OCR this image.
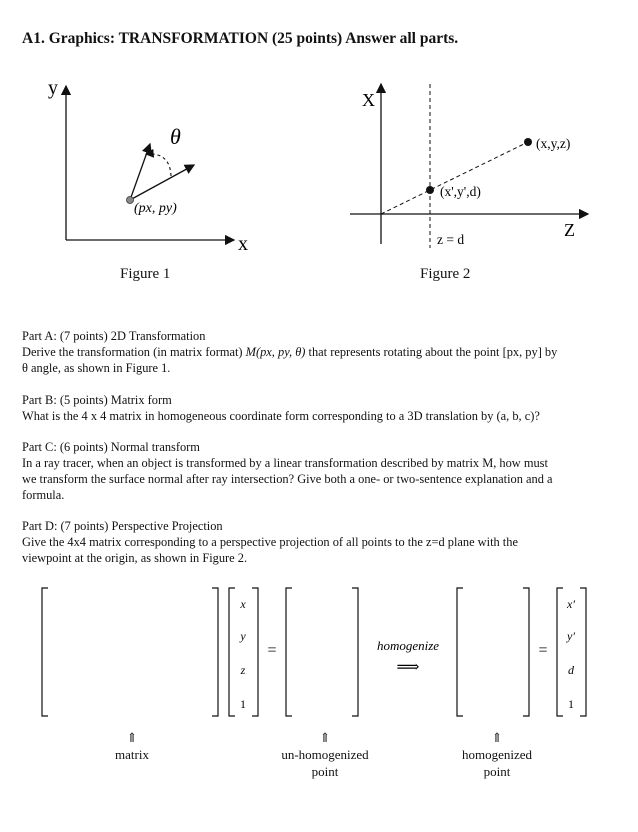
A1. Graphics: TRANSFORMATION (25 points) Answer all parts.
y
x
θ
(px, py)
Figure 1
X
Z
(x,y,z)
(x',y',d)
z = d
Figure 2

Part A: (7 points) 2D Transformation

Derive the transformation (in matrix format) M(px, py, θ) that represents rotating about the point [px, py] by

θ angle, as shown in Figure 1.

Part B: (5 points) Matrix form

What is the 4 x 4 matrix in homogeneous coordinate form corresponding to a 3D translation by (a, b, c)?

Part C: (6 points) Normal transform

In a ray tracer, when an object is transformed by a linear transformation described by matrix M, how must

we transform the surface normal after ray intersection? Give both a one- or two-sentence explanation and a

formula.

Part D: (7 points) Perspective Projection

Give the 4x4 matrix corresponding to a perspective projection of all points to the z=d plane with the

viewpoint at the origin, as shown in Figure 2.

x
y
z
x′
y′
d
1	1
=	=
homogenize
⟹
⇑
matrix
⇑
un-homogenized
point
⇑
homogenized
point
